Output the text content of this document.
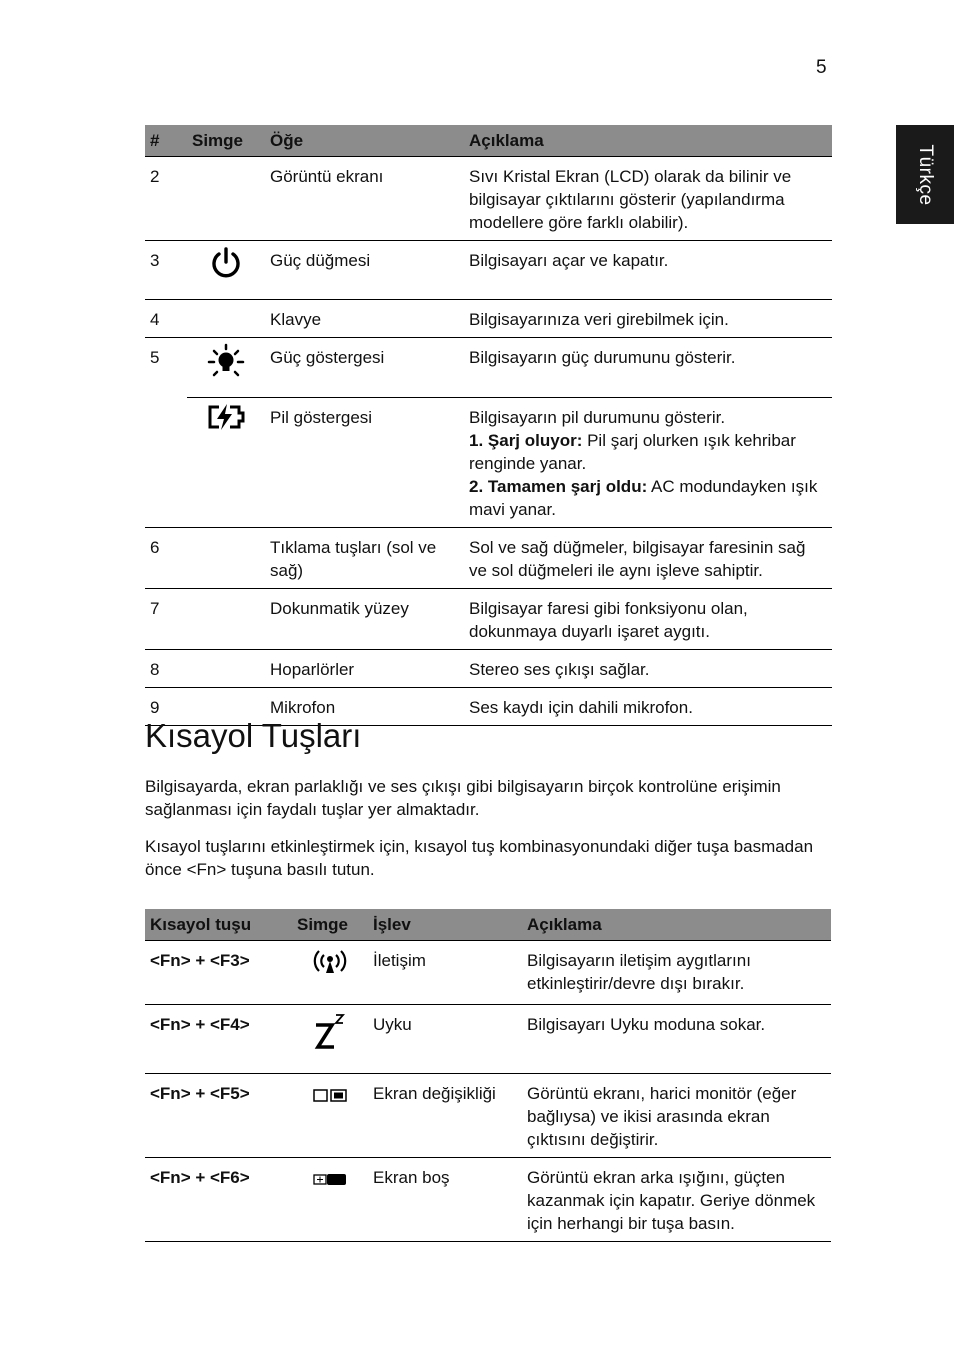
5
Türkçe
#	Simge	Öğe	Açıklama
2		Görüntü ekranı	Sıvı Kristal Ekran (LCD) olarak da bilinir ve bilgisayar çıktılarını gösterir (yapılandırma modellere göre farklı olabilir).
3		Güç düğmesi	Bilgisayarı açar ve kapatır.
4		Klavye	Bilgisayarınıza veri girebilmek için.
5		Güç göstergesi	Bilgisayarın güç durumunu gösterir.
		Pil göstergesi	Bilgisayarın pil durumunu gösterir.
1. Şarj oluyor: Pil şarj olurken ışık kehribar renginde yanar.
2. Tamamen şarj oldu: AC modundayken ışık mavi yanar.

6		Tıklama tuşları (sol ve sağ)	Sol ve sağ düğmeler, bilgisayar faresinin sağ ve sol düğmeleri ile aynı işleve sahiptir.
7		Dokunmatik yüzey	Bilgisayar faresi gibi fonksiyonu olan, dokunmaya duyarlı işaret aygıtı.
8		Hoparlörler	Stereo ses çıkışı sağlar.
9		Mikrofon	Ses kaydı için dahili mikrofon.
Kısayol Tuşları

Bilgisayarda, ekran parlaklığı ve ses çıkışı gibi bilgisayarın birçok kontrolüne erişimin sağlanması için faydalı tuşlar yer almaktadır.

Kısayol tuşlarını etkinleştirmek için, kısayol tuş kombinasyonundaki diğer tuşa basmadan önce <Fn> tuşuna basılı tutun.

Kısayol tuşu	Simge	İşlev	Açıklama
<Fn> + <F3>		İletişim	Bilgisayarın iletişim aygıtlarını etkinleştirir/devre dışı bırakır.
<Fn> + <F4>		Uyku	Bilgisayarı Uyku moduna sokar.
<Fn> + <F5>		Ekran değişikliği	Görüntü ekranı, harici monitör (eğer bağlıysa) ve ikisi arasında ekran çıktısını değiştirir.
<Fn> + <F6>		Ekran boş	Görüntü ekran arka ışığını, güçten kazanmak için kapatır. Geriye dönmek için herhangi bir tuşa basın.
